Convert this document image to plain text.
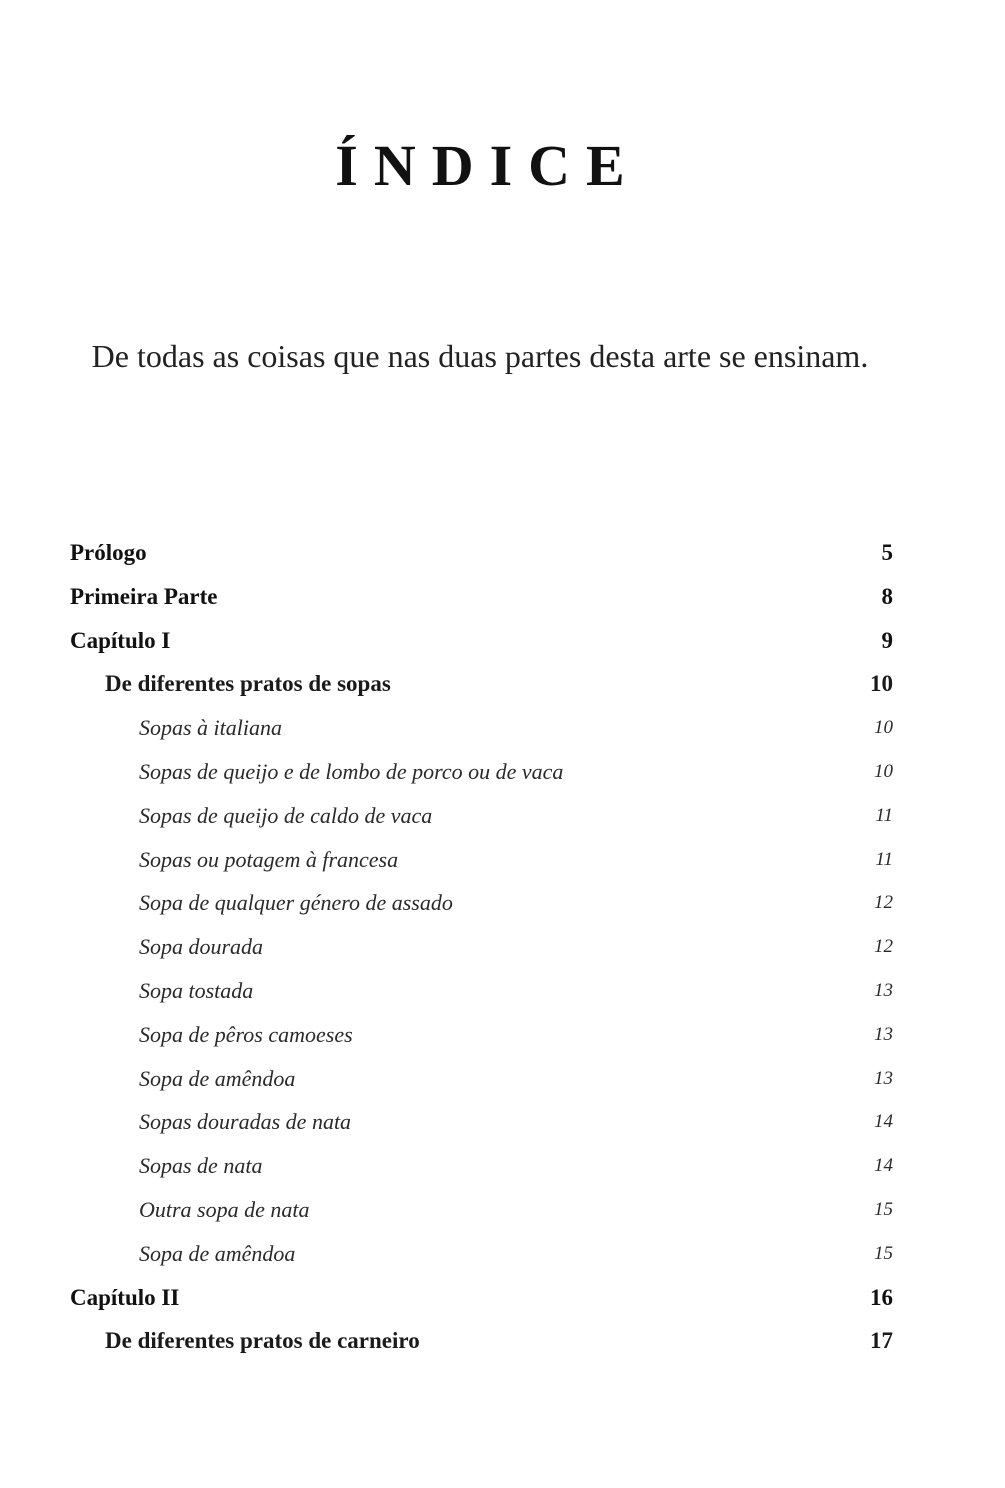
ÍNDICE
De todas as coisas que nas duas partes desta arte se ensinam.
Prólogo	5
Primeira Parte	8
Capítulo I	9
De diferentes pratos de sopas	10
Sopas à italiana	10
Sopas de queijo e de lombo de porco ou de vaca	10
Sopas de queijo de caldo de vaca	11
Sopas ou potagem à francesa	11
Sopa de qualquer género de assado	12
Sopa dourada	12
Sopa tostada	13
Sopa de pêros camoeses	13
Sopa de amêndoa	13
Sopas douradas de nata	14
Sopas de nata	14
Outra sopa de nata	15
Sopa de amêndoa	15
Capítulo II	16
De diferentes pratos de carneiro	17
